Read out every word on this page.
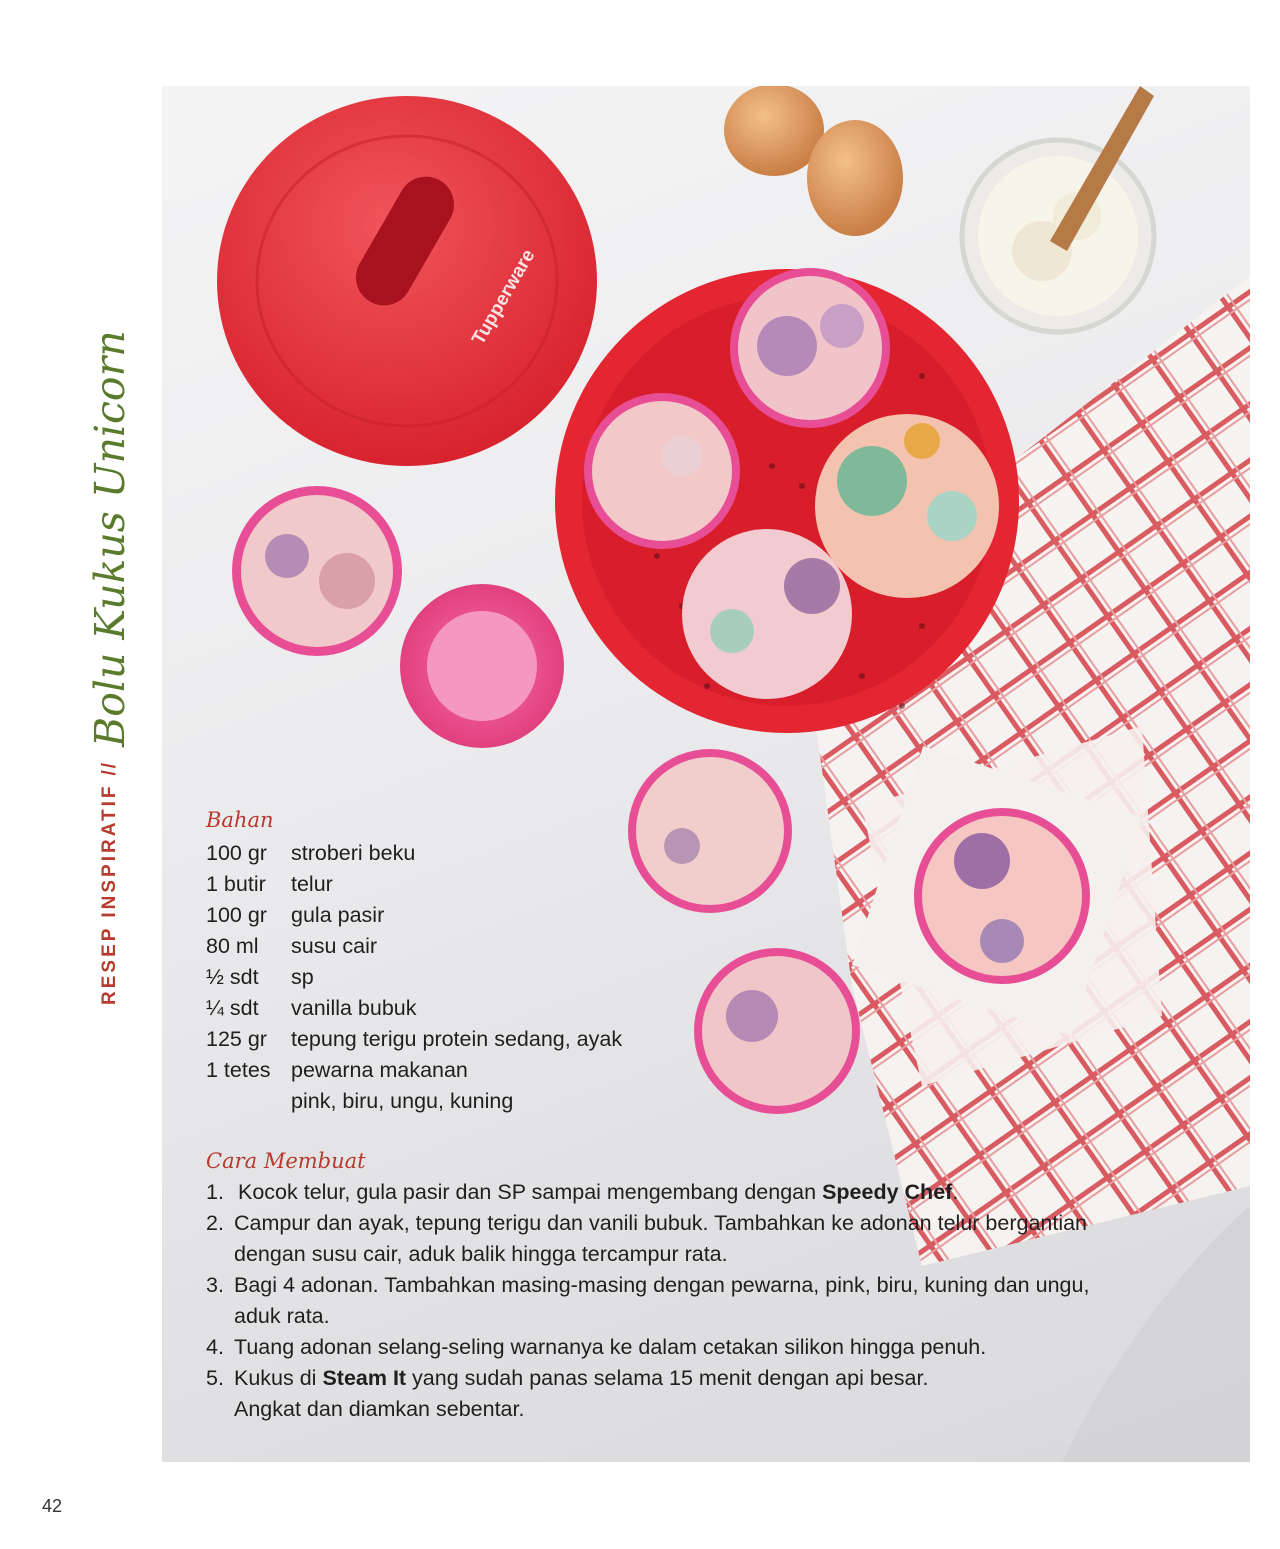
Tupperware
RESEP INSPIRATIF
//
Bolu Kukus Unicorn
Bahan
100 gr	stroberi beku
1 butir	telur
100 gr	gula pasir
80 ml	susu cair
½ sdt	sp
¼ sdt	vanilla bubuk
125 gr	tepung terigu protein sedang, ayak
1 tetes pewarna makanan
pink, biru, ungu, kuning
Cara Membuat
1. Kocok telur, gula pasir dan SP sampai mengembang dengan Speedy Chef.
2. Campur dan ayak, tepung terigu dan vanili bubuk. Tambahkan ke adonan telur bergantian
dengan susu cair, aduk balik hingga tercampur rata.
3. Bagi 4 adonan. Tambahkan masing-masing dengan pewarna, pink, biru, kuning dan ungu,
aduk rata.
4. Tuang adonan selang-seling warnanya ke dalam cetakan silikon hingga penuh.
5. Kukus di Steam It yang sudah panas selama 15 menit dengan api besar.
Angkat dan diamkan sebentar.
42
